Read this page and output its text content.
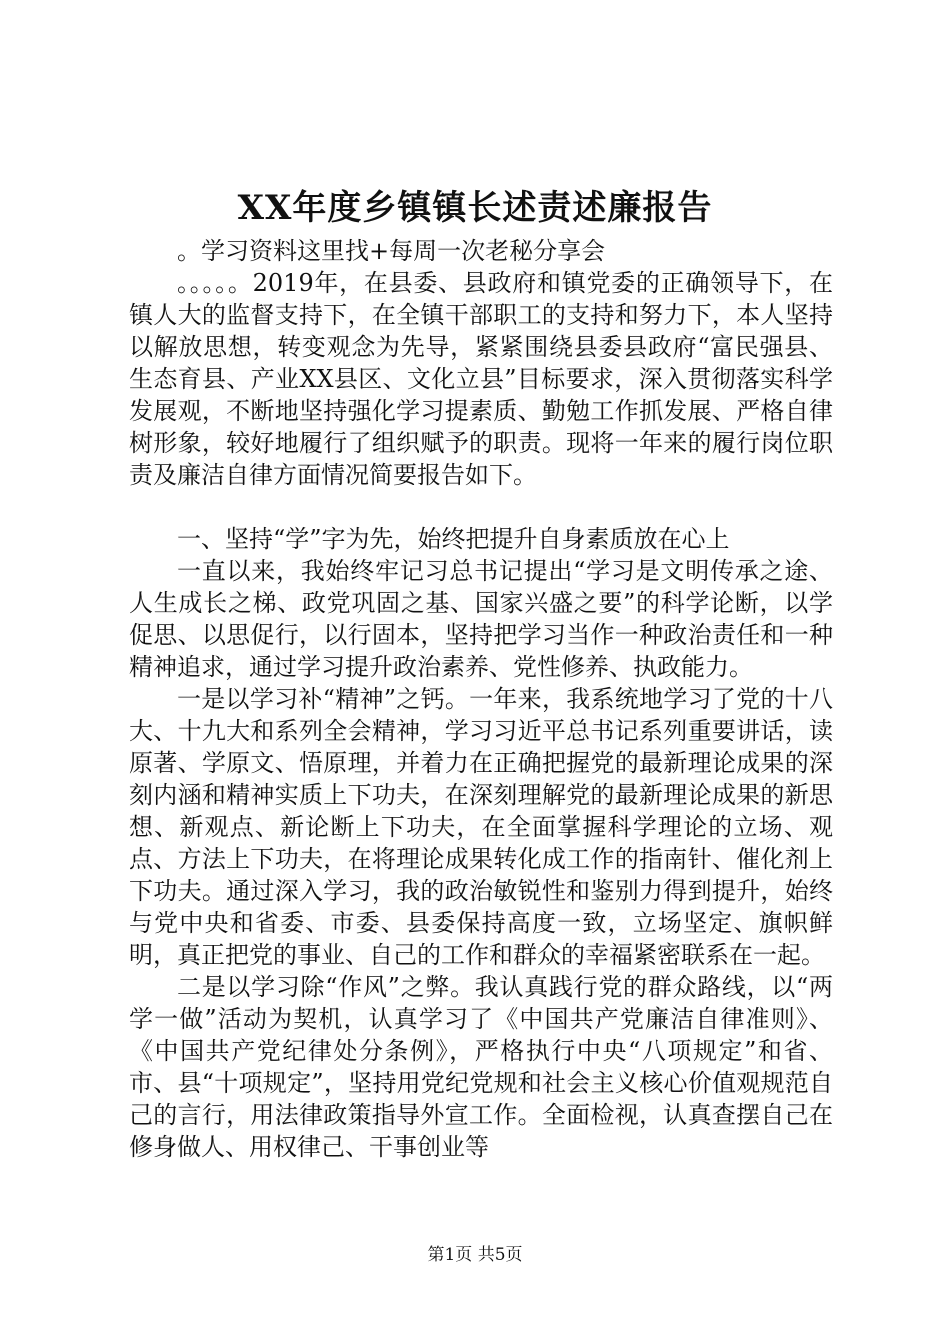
XX年度乡镇镇长述责述廉报告

。学习资料这里找+每周一次老秘分享会

。。。。。2019年，在县委、县政府和镇党委的正确领导下，在镇人大的监督支持下，在全镇干部职工的支持和努力下，本人坚持以解放思想，转变观念为先导，紧紧围绕县委县政府“富民强县、生态育县、产业XX县区、文化立县”目标要求，深入贯彻落实科学发展观，不断地坚持强化学习提素质、勤勉工作抓发展、严格自律树形象，较好地履行了组织赋予的职责。现将一年来的履行岗位职责及廉洁自律方面情况简要报告如下。

一、坚持“学”字为先，始终把提升自身素质放在心上

一直以来，我始终牢记习总书记提出“学习是文明传承之途、人生成长之梯、政党巩固之基、国家兴盛之要”的科学论断，以学促思、以思促行，以行固本，坚持把学习当作一种政治责任和一种精神追求，通过学习提升政治素养、党性修养、执政能力。

一是以学习补“精神”之钙。一年来，我系统地学习了党的十八大、十九大和系列全会精神，学习习近平总书记系列重要讲话，读原著、学原文、悟原理，并着力在正确把握党的最新理论成果的深刻内涵和精神实质上下功夫，在深刻理解党的最新理论成果的新思想、新观点、新论断上下功夫，在全面掌握科学理论的立场、观点、方法上下功夫，在将理论成果转化成工作的指南针、催化剂上下功夫。通过深入学习，我的政治敏锐性和鉴别力得到提升，始终与党中央和省委、市委、县委保持高度一致，立场坚定、旗帜鲜明，真正把党的事业、自己的工作和群众的幸福紧密联系在一起。

二是以学习除“作风”之弊。我认真践行党的群众路线，以“两学一做”活动为契机，认真学习了《中国共产党廉洁自律准则》、《中国共产党纪律处分条例》，严格执行中央“八项规定”和省、市、县“十项规定”，坚持用党纪党规和社会主义核心价值观规范自己的言行，用法律政策指导外宣工作。全面检视，认真查摆自己在修身做人、用权律己、干事创业等

第1页 共5页
